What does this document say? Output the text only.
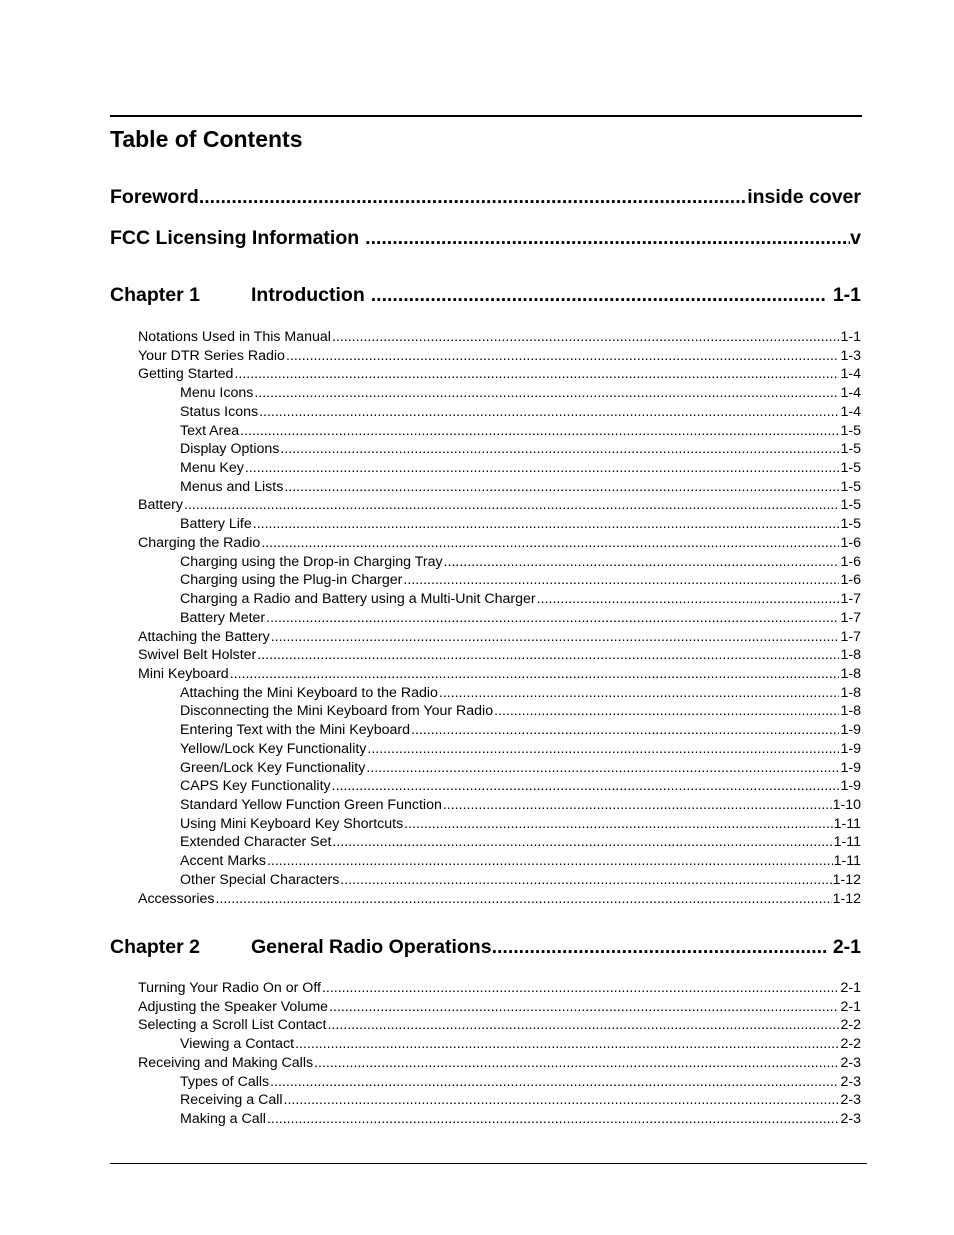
Table of Contents
Foreword .....	inside cover
FCC Licensing Information .....	v
Chapter 1	Introduction .....	1-1
Notations Used in This Manual .....	1-1
Your DTR Series Radio .....	1-3
Getting Started .....	1-4
Menu Icons .....	1-4
Status Icons .....	1-4
Text Area .....	1-5
Display Options .....	1-5
Menu Key .....	1-5
Menus and Lists .....	1-5
Battery .....	1-5
Battery Life .....	1-5
Charging the Radio .....	1-6
Charging using the Drop-in Charging Tray .....	1-6
Charging using the Plug-in Charger .....	1-6
Charging a Radio and Battery using a Multi-Unit Charger .....	1-7
Battery Meter .....	1-7
Attaching the Battery .....	1-7
Swivel Belt Holster .....	1-8
Mini Keyboard .....	1-8
Attaching the Mini Keyboard to the Radio .....	1-8
Disconnecting the Mini Keyboard from Your Radio .....	1-8
Entering Text with the Mini Keyboard .....	1-9
Yellow/Lock Key Functionality .....	1-9
Green/Lock Key Functionality .....	1-9
CAPS Key Functionality .....	1-9
Standard Yellow Function Green Function .....	1-10
Using Mini Keyboard Key Shortcuts .....	1-11
Extended Character Set .....	1-11
Accent Marks .....	1-11
Other Special Characters .....	1-12
Accessories .....	1-12
Chapter 2	General Radio Operations .....	2-1
Turning Your Radio On or Off .....	2-1
Adjusting the Speaker Volume .....	2-1
Selecting a Scroll List Contact .....	2-2
Viewing a Contact .....	2-2
Receiving and Making Calls .....	2-3
Types of Calls .....	2-3
Receiving a Call .....	2-3
Making a Call .....	2-3
